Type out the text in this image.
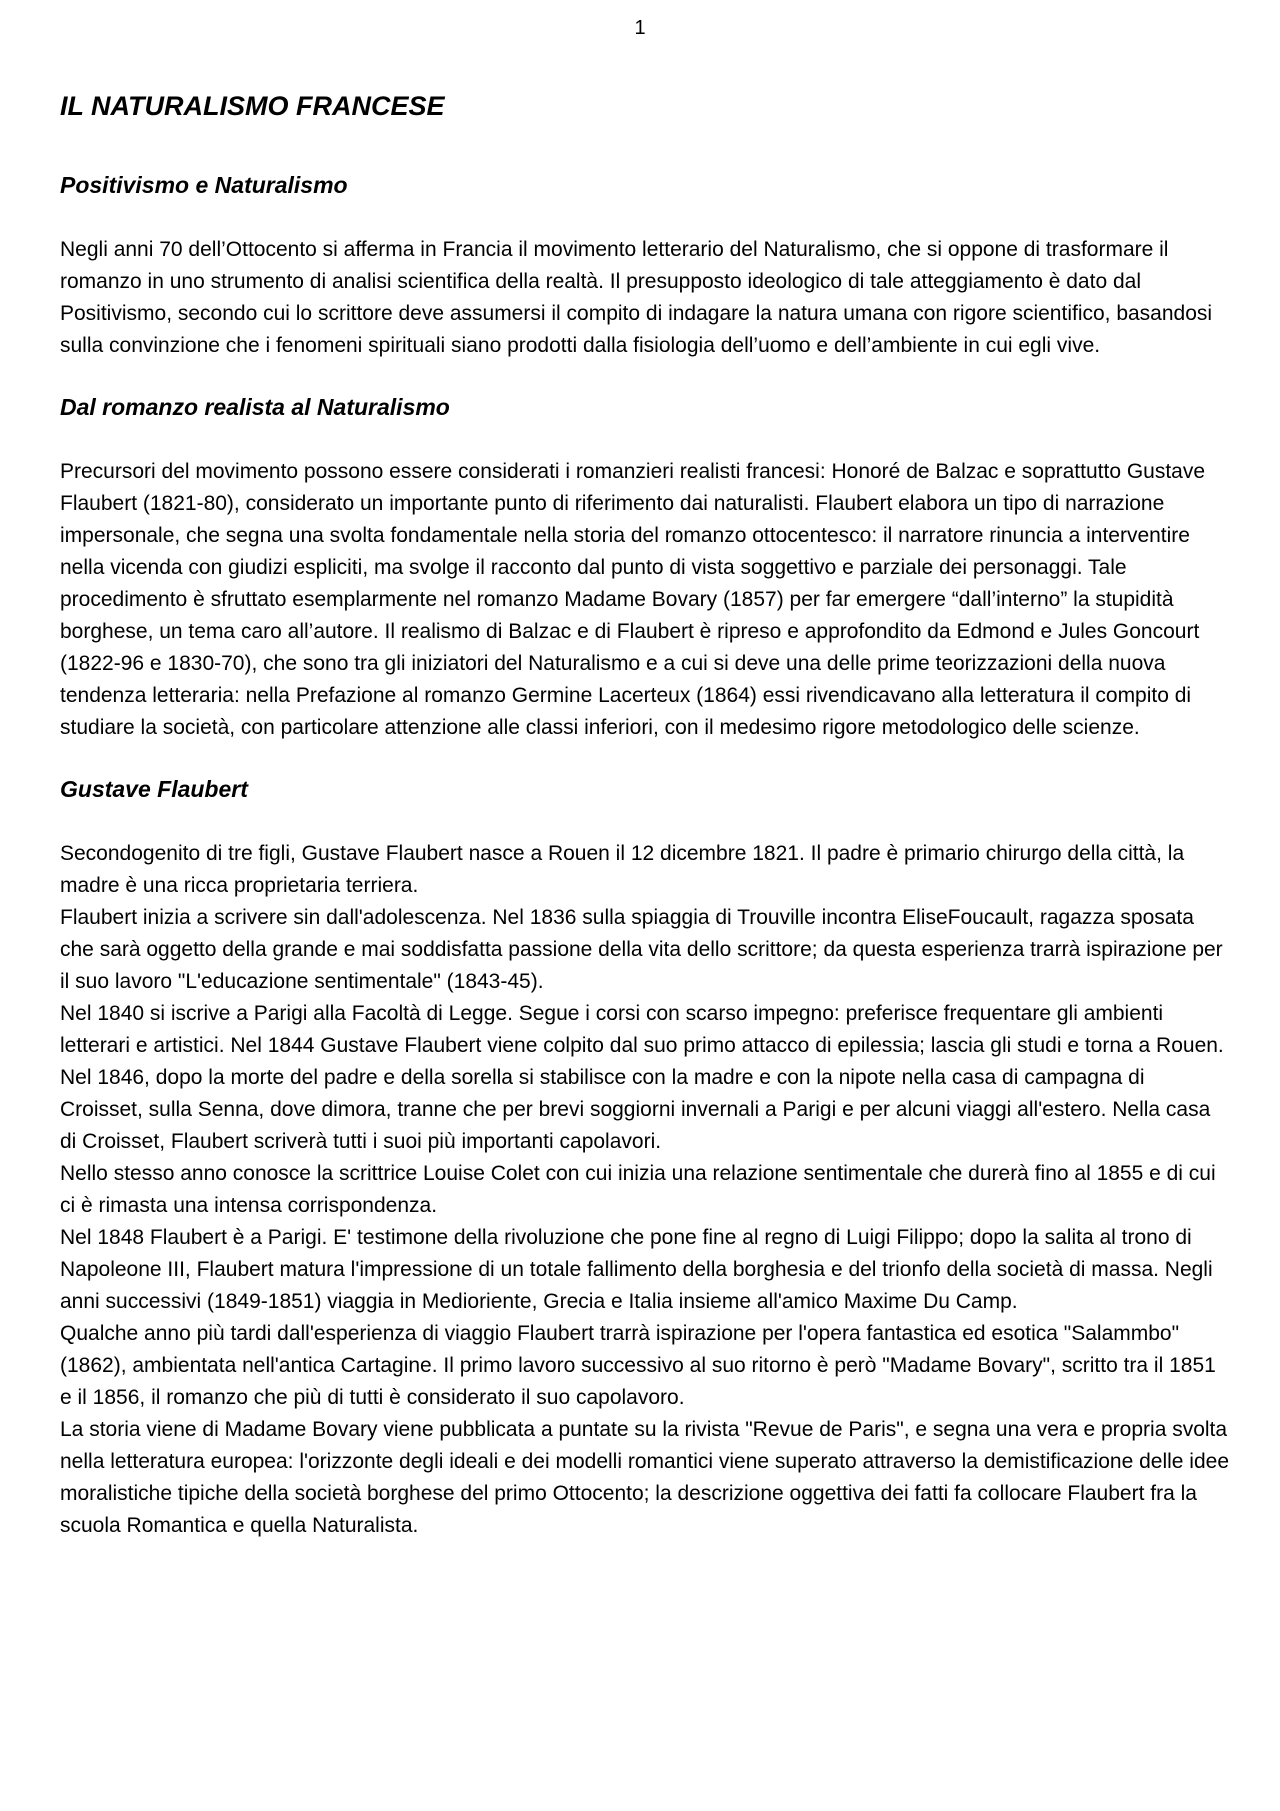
1
IL NATURALISMO FRANCESE
Positivismo e Naturalismo

Negli anni 70 dell’Ottocento si afferma in Francia il movimento letterario del Naturalismo, che si oppone di trasformare il romanzo in uno strumento di analisi scientifica della realtà. Il presupposto ideologico di tale atteggiamento è dato dal Positivismo, secondo cui lo scrittore deve assumersi il compito di indagare la natura umana con rigore scientifico, basandosi sulla convinzione che i fenomeni spirituali siano prodotti dalla fisiologia dell’uomo e dell’ambiente in cui egli vive.

Dal romanzo realista al Naturalismo

Precursori del movimento possono essere considerati i romanzieri realisti francesi: Honoré de Balzac e soprattutto Gustave Flaubert (1821-80), considerato un importante punto di riferimento dai naturalisti. Flaubert elabora un tipo di narrazione impersonale, che segna una svolta fondamentale nella storia del romanzo ottocentesco: il narratore rinuncia a interventire nella vicenda con giudizi espliciti, ma svolge il racconto dal punto di vista soggettivo e parziale dei personaggi. Tale procedimento è sfruttato esemplarmente nel romanzo Madame Bovary (1857) per far emergere “dall’interno” la stupidità borghese, un tema caro all’autore. Il realismo di Balzac e di Flaubert è ripreso e approfondito da Edmond e Jules Goncourt (1822-96 e 1830-70), che sono tra gli iniziatori del Naturalismo e a cui si deve una delle prime teorizzazioni della nuova tendenza letteraria: nella Prefazione al romanzo Germine Lacerteux (1864) essi rivendicavano alla letteratura il compito di studiare la società, con particolare attenzione alle classi inferiori, con il medesimo rigore metodologico delle scienze.

Gustave Flaubert

Secondogenito di tre figli, Gustave Flaubert nasce a Rouen il 12 dicembre 1821. Il padre è primario chirurgo della città, la madre è una ricca proprietaria terriera.

Flaubert inizia a scrivere sin dall'adolescenza. Nel 1836 sulla spiaggia di Trouville incontra EliseFoucault, ragazza sposata che sarà oggetto della grande e mai soddisfatta passione della vita dello scrittore; da questa esperienza trarrà ispirazione per il suo lavoro "L'educazione sentimentale" (1843-45).

Nel 1840 si iscrive a Parigi alla Facoltà di Legge. Segue i corsi con scarso impegno: preferisce frequentare gli ambienti letterari e artistici. Nel 1844 Gustave Flaubert viene colpito dal suo primo attacco di epilessia; lascia gli studi e torna a Rouen.

Nel 1846, dopo la morte del padre e della sorella si stabilisce con la madre e con la nipote nella casa di campagna di Croisset, sulla Senna, dove dimora, tranne che per brevi soggiorni invernali a Parigi e per alcuni viaggi all'estero. Nella casa di Croisset, Flaubert scriverà tutti i suoi più importanti capolavori.

Nello stesso anno conosce la scrittrice Louise Colet con cui inizia una relazione sentimentale che durerà fino al 1855 e di cui ci è rimasta una intensa corrispondenza.

Nel 1848 Flaubert è a Parigi. E' testimone della rivoluzione che pone fine al regno di Luigi Filippo; dopo la salita al trono di Napoleone III, Flaubert matura l'impressione di un totale fallimento della borghesia e del trionfo della società di massa. Negli anni successivi (1849-1851) viaggia in Medioriente, Grecia e Italia insieme all'amico Maxime Du Camp.

Qualche anno più tardi dall'esperienza di viaggio Flaubert trarrà ispirazione per l'opera fantastica ed esotica "Salammbo" (1862), ambientata nell'antica Cartagine. Il primo lavoro successivo al suo ritorno è però "Madame Bovary", scritto tra il 1851 e il 1856, il romanzo che più di tutti è considerato il suo capolavoro.

La storia viene di Madame Bovary viene pubblicata a puntate su la rivista "Revue de Paris", e segna una vera e propria svolta nella letteratura europea: l'orizzonte degli ideali e dei modelli romantici viene superato attraverso la demistificazione delle idee moralistiche tipiche della società borghese del primo Ottocento; la descrizione oggettiva dei fatti fa collocare Flaubert fra la scuola Romantica e quella Naturalista.
